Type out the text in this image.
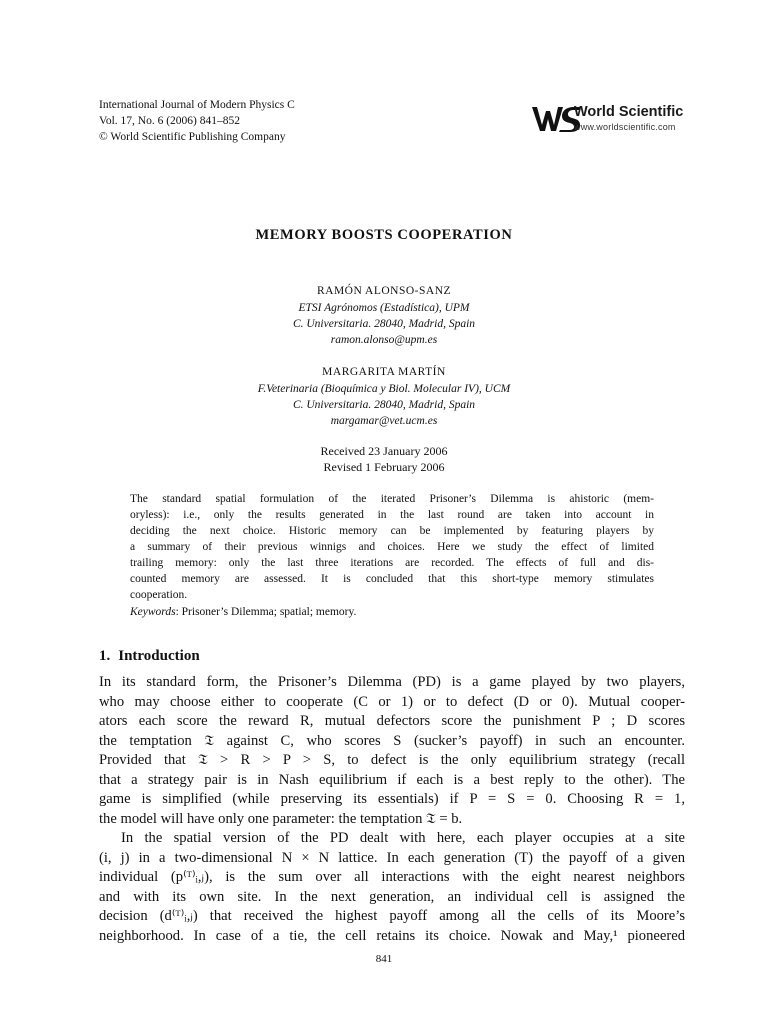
International Journal of Modern Physics C
Vol. 17, No. 6 (2006) 841–852
© World Scientific Publishing Company
World Scientific
www.worldscientific.com
MEMORY BOOSTS COOPERATION
RAMÓN ALONSO-SANZ
ETSI Agrónomos (Estadística), UPM
C. Universitaria. 28040, Madrid, Spain
ramon.alonso@upm.es
MARGARITA MARTÍN
F.Veterinaria (Bioquímica y Biol. Molecular IV), UCM
C. Universitaria. 28040, Madrid, Spain
margamar@vet.ucm.es
Received 23 January 2006
Revised 1 February 2006
The standard spatial formulation of the iterated Prisoner’s Dilemma is ahistoric (mem-
oryless): i.e., only the results generated in the last round are taken into account in
deciding the next choice. Historic memory can be implemented by featuring players by
a summary of their previous winnigs and choices. Here we study the effect of limited
trailing memory: only the last three iterations are recorded. The effects of full and dis-
counted memory are assessed. It is concluded that this short-type memory stimulates
cooperation.
Keywords: Prisoner’s Dilemma; spatial; memory.
1. Introduction
In its standard form, the Prisoner’s Dilemma (PD) is a game played by two players,
who may choose either to cooperate (C or 1) or to defect (D or 0). Mutual cooper-
ators each score the reward R, mutual defectors score the punishment P ; D scores
the temptation 𝔗 against C, who scores S (sucker’s payoff) in such an encounter.
Provided that 𝔗 > R > P > S, to defect is the only equilibrium strategy (recall
that a strategy pair is in Nash equilibrium if each is a best reply to the other). The
game is simplified (while preserving its essentials) if P = S = 0. Choosing R = 1,
the model will have only one parameter: the temptation 𝔗 = b.
In the spatial version of the PD dealt with here, each player occupies at a site
(i, j) in a two-dimensional N × N lattice. In each generation (T) the payoff of a given
individual (p⁽ᵀ⁾ᵢ,ⱼ), is the sum over all interactions with the eight nearest neighbors
and with its own site. In the next generation, an individual cell is assigned the
decision (d⁽ᵀ⁾ᵢ,ⱼ) that received the highest payoff among all the cells of its Moore’s
neighborhood. In case of a tie, the cell retains its choice. Nowak and May,¹ pioneered
841
